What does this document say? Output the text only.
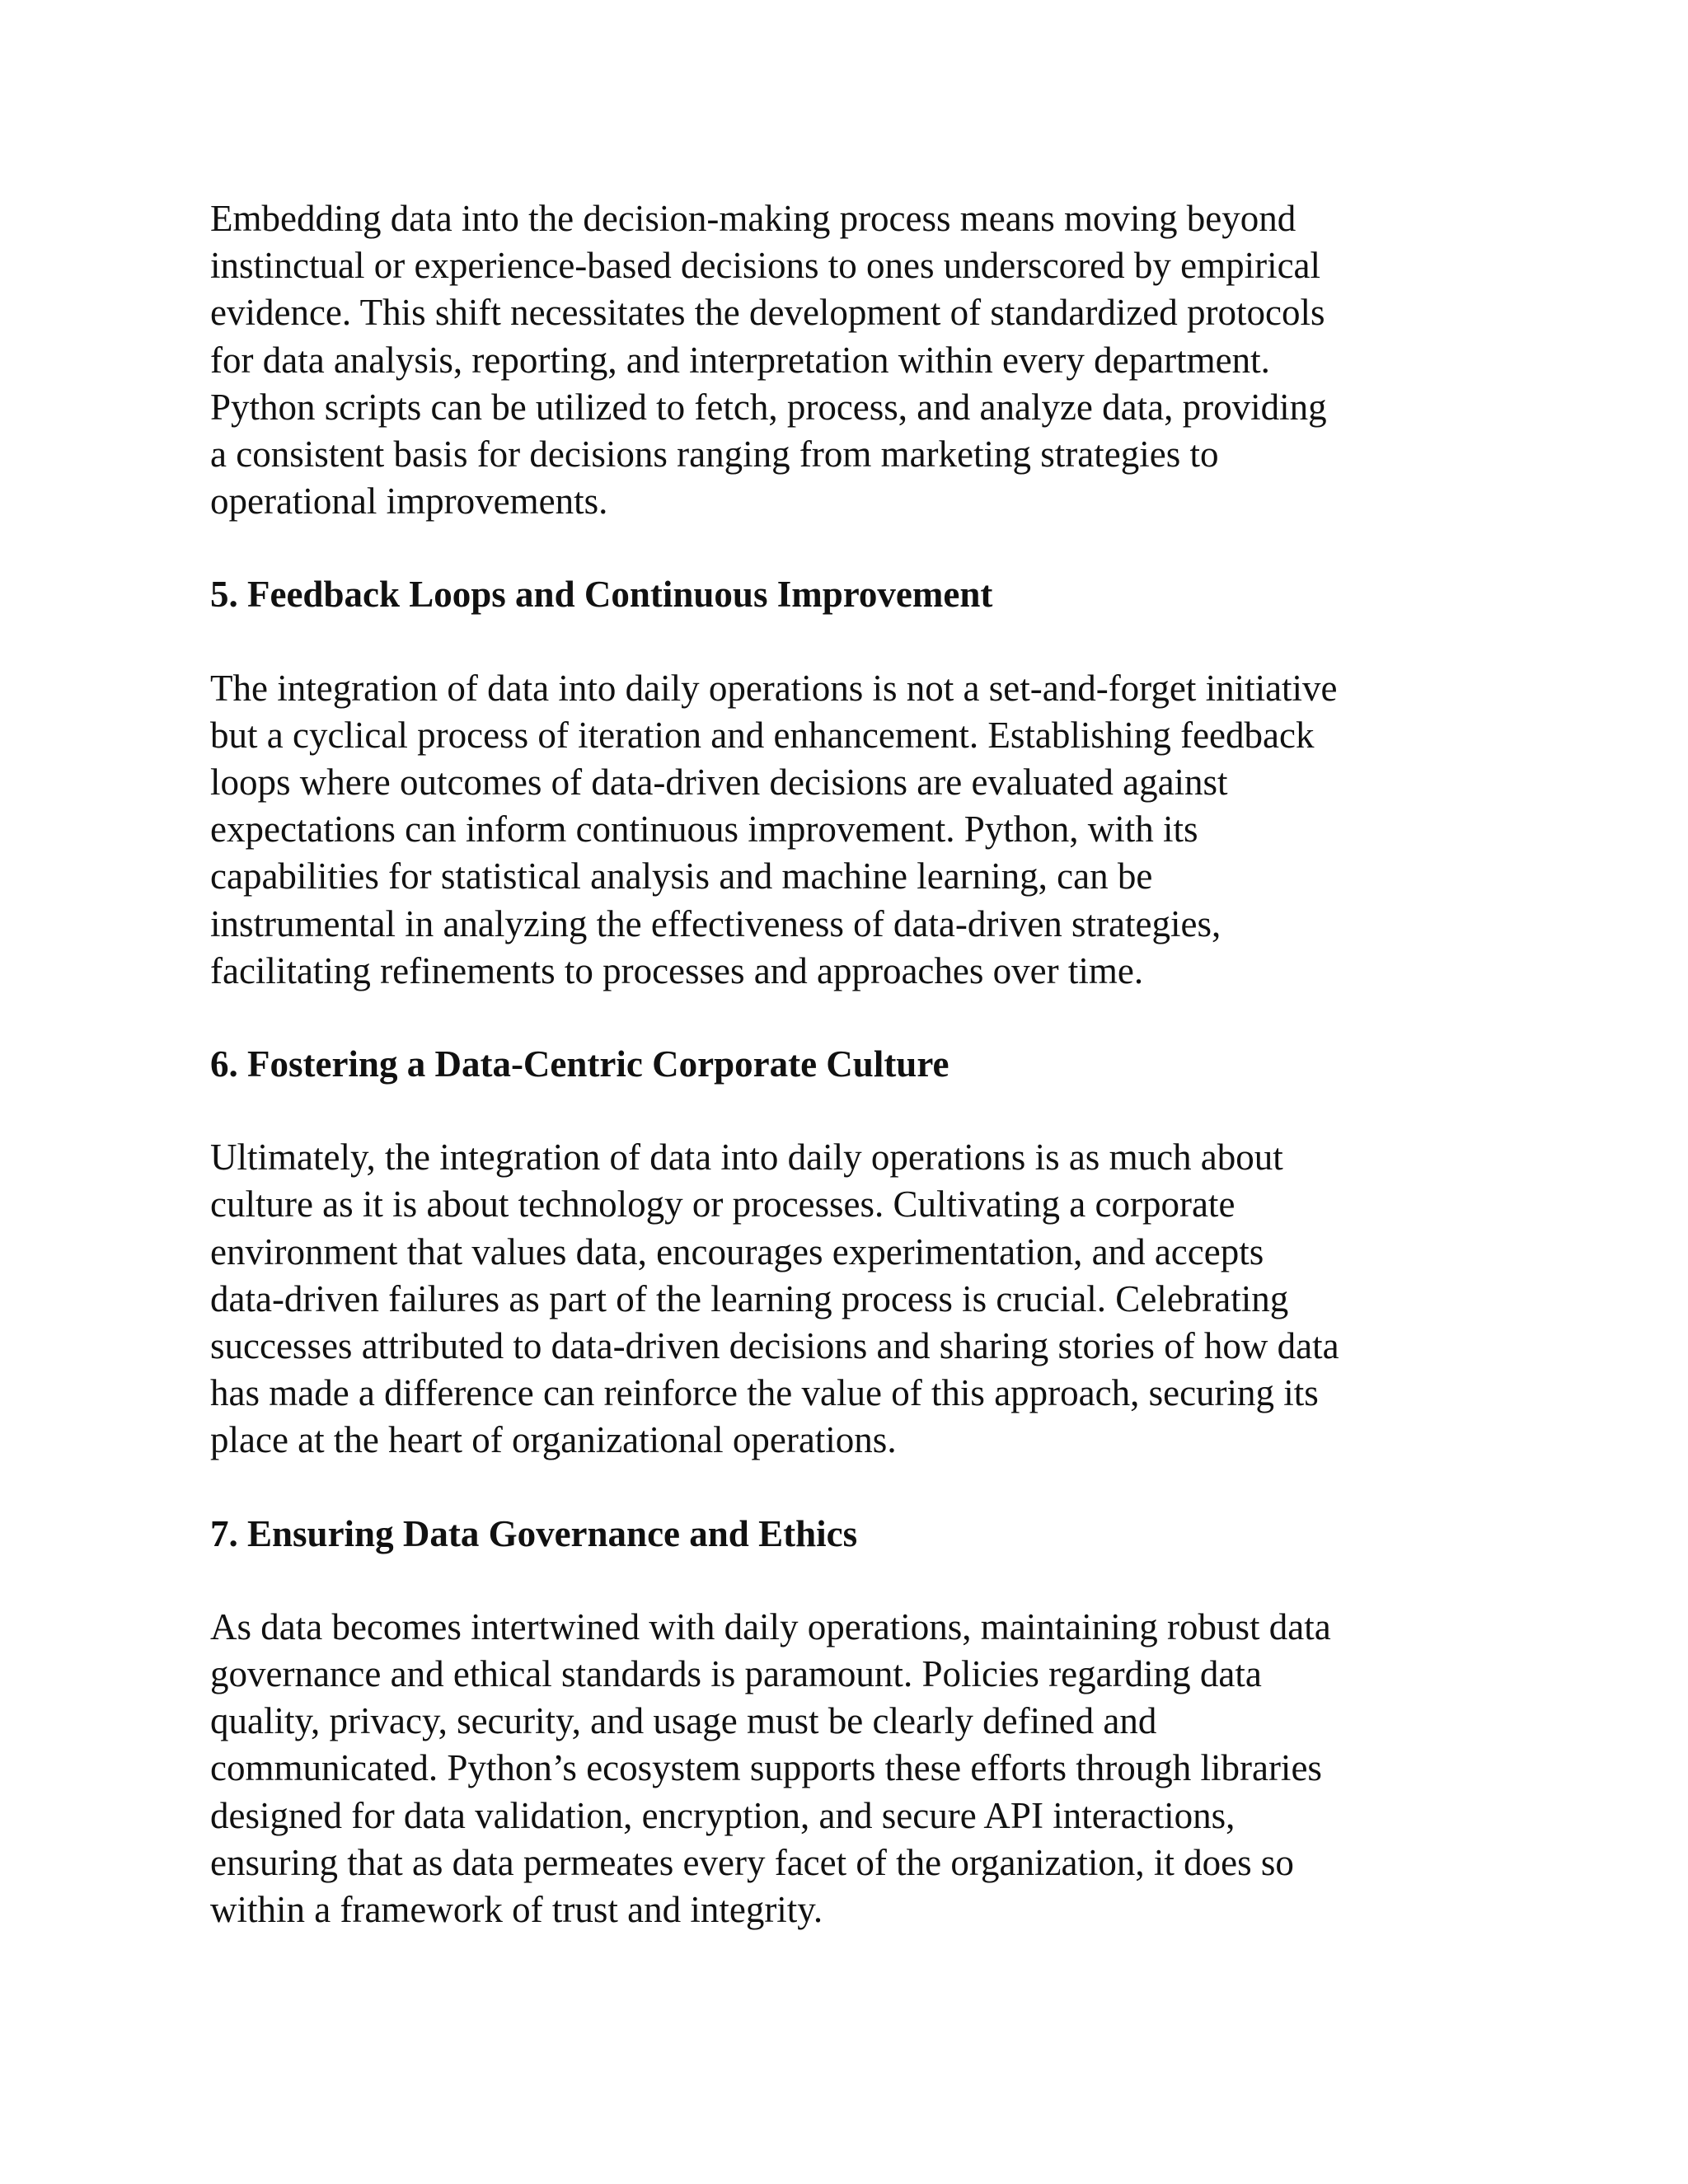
Embedding data into the decision-making process means moving beyond
instinctual or experience-based decisions to ones underscored by empirical
evidence. This shift necessitates the development of standardized protocols
for data analysis, reporting, and interpretation within every department.
Python scripts can be utilized to fetch, process, and analyze data, providing
a consistent basis for decisions ranging from marketing strategies to
operational improvements.

5. Feedback Loops and Continuous Improvement

The integration of data into daily operations is not a set-and-forget initiative
but a cyclical process of iteration and enhancement. Establishing feedback
loops where outcomes of data-driven decisions are evaluated against
expectations can inform continuous improvement. Python, with its
capabilities for statistical analysis and machine learning, can be
instrumental in analyzing the effectiveness of data-driven strategies,
facilitating refinements to processes and approaches over time.

6. Fostering a Data-Centric Corporate Culture

Ultimately, the integration of data into daily operations is as much about
culture as it is about technology or processes. Cultivating a corporate
environment that values data, encourages experimentation, and accepts
data-driven failures as part of the learning process is crucial. Celebrating
successes attributed to data-driven decisions and sharing stories of how data
has made a difference can reinforce the value of this approach, securing its
place at the heart of organizational operations.

7. Ensuring Data Governance and Ethics

As data becomes intertwined with daily operations, maintaining robust data
governance and ethical standards is paramount. Policies regarding data
quality, privacy, security, and usage must be clearly defined and
communicated. Python’s ecosystem supports these efforts through libraries
designed for data validation, encryption, and secure API interactions,
ensuring that as data permeates every facet of the organization, it does so
within a framework of trust and integrity.
